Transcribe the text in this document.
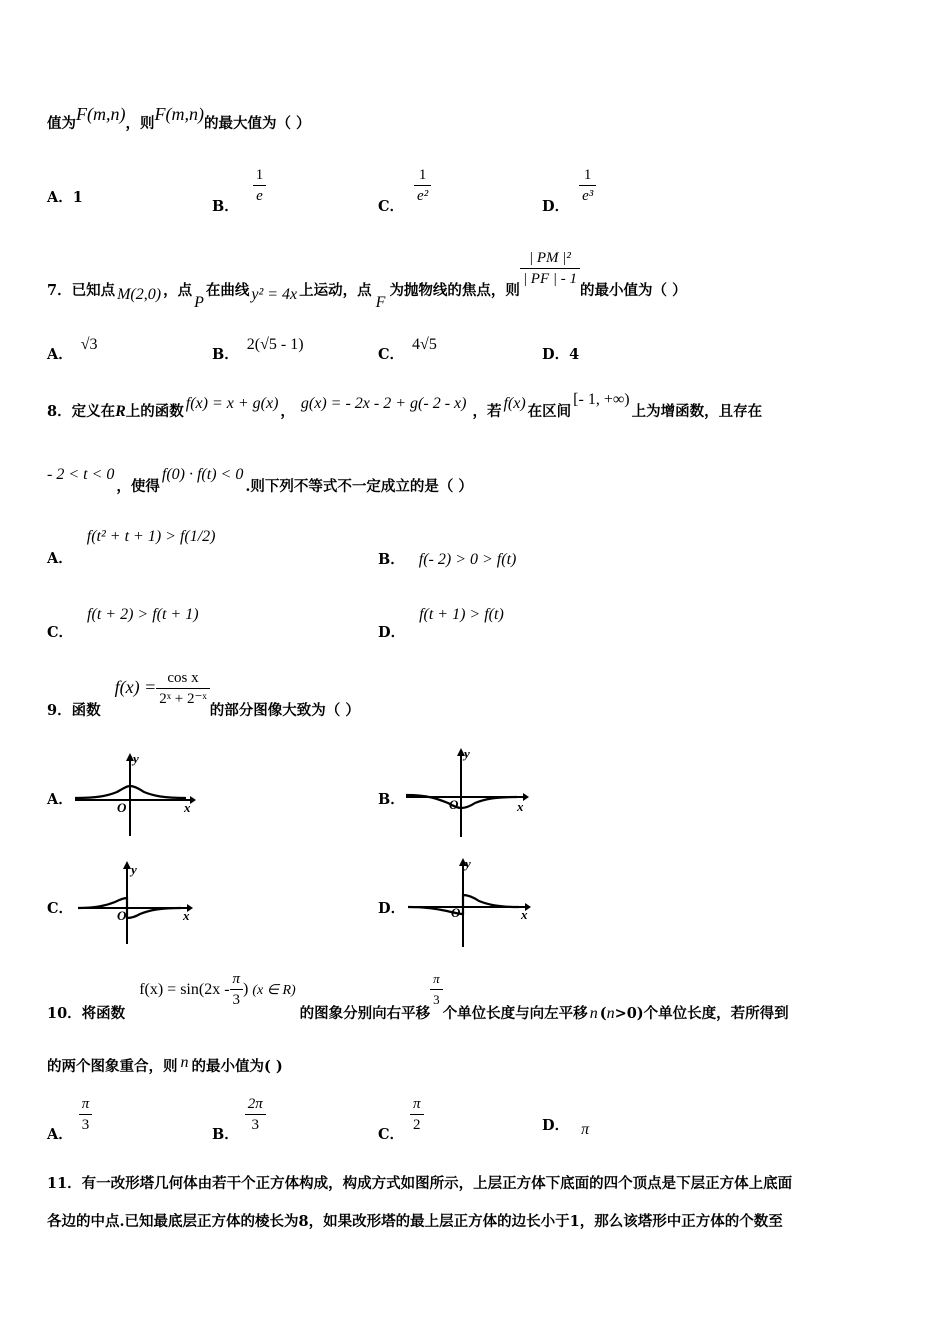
值为F(m,n)，则F(m,n)的最大值为（ ）
A．1	B． $\frac{1}{e}$	C． $\frac{1}{\text{e²}}$	D． $\frac{1}{\text{e³}}$
7．已知点 M(2,0) ，点P在曲线 y² = 4x 上运动，点F为抛物线的焦点，则
$\frac{\text{| PM |²}}{| PF | - 1}$
的最小值为（ ）
A．√3
B．2(√5 - 1)
C．4√5
D．4
8．定义在R上的函数 f(x) = x + g(x) ， g(x) = - 2x - 2 + g(- 2 - x) ，若 f(x) 在区间[- 1, +∞)上为增函数，且存在
- 2 < t < 0，使得f(0) · f(t) < 0.则下列不等式不一定成立的是（ ）
A．f(t² + t + 1) > f(1/2)
B． f(- 2) > 0 > f(t)
C．f(t + 2) > f(t + 1)
D．f(t + 1) > f(t)
9．函数$f(x) = \frac{\text{cos x}}{\text{2ˣ + 2⁻ˣ}}$
的部分图像大致为（ ）
A．	B．
C．	D．
y
x
O
y
x
O
y
x
O
y
x
O
10．将函数$f(x) = \sin(2x - \frac{\pi}{3}$ ) (x ∈ R)的图象分别向右平移
$\frac{\pi}{3}$
个单位长度与向左平移 n (n>0)个单位长度，若所得到
的两个图象重合，则 n 的最小值为( )
A． $\frac{\pi}{3}$	B． $\frac{2\pi}{3}$	C． $\frac{\pi}{2}$	D． π
11．有一改形塔几何体由若干个正方体构成，构成方式如图所示，上层正方体下底面的四个顶点是下层正方体上底面
各边的中点.已知最底层正方体的棱长为8，如果改形塔的最上层正方体的边长小于1，那么该塔形中正方体的个数至
